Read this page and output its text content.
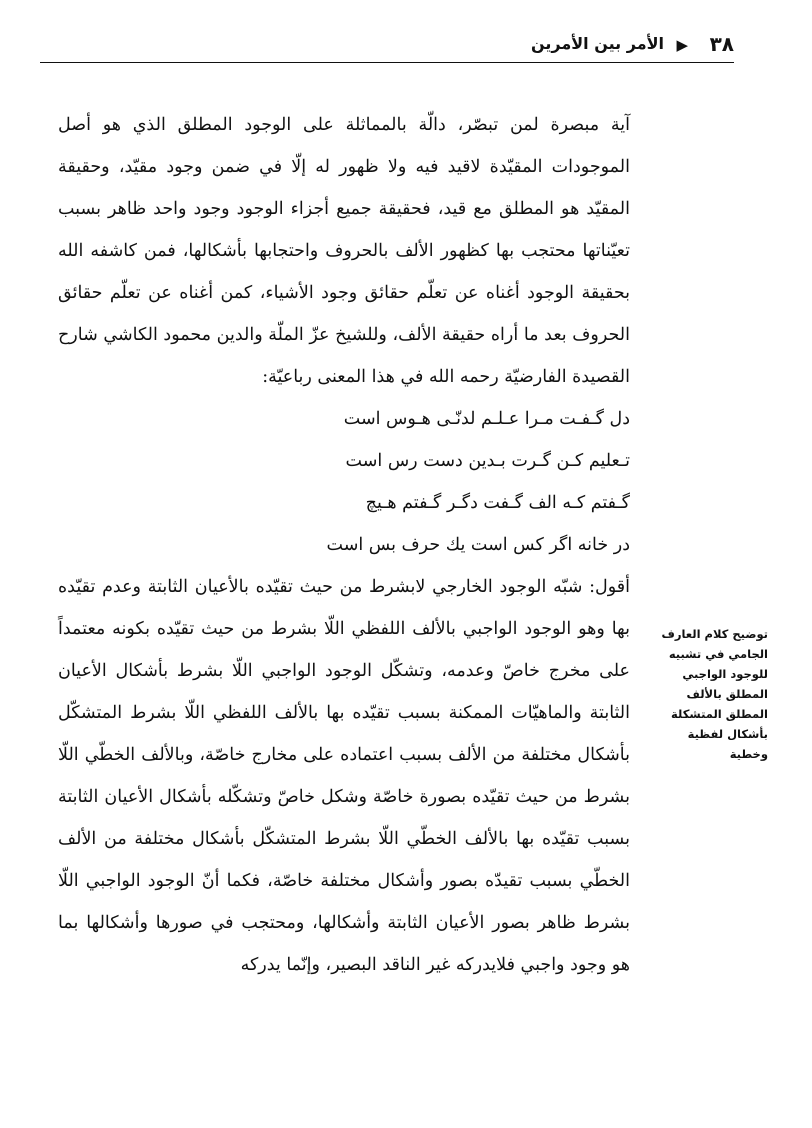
٣٨
▶
الأمر بين الأمرين

آية مبصرة لمن تبصّر، دالّة بالمماثلة على الوجود المطلق الذي هو أصل الموجودات المقيّدة لاقيد فيه ولا ظهور له إلّا في ضمن وجود مقيّد، وحقيقة المقيّد هو المطلق مع قيد، فحقيقة جميع أجزاء الوجود وجود واحد ظاهر بسبب تعيّناتها محتجب بها كظهور الألف بالحروف واحتجابها بأشكالها، فمن كاشفه الله بحقيقة الوجود أغناه عن تعلّم حقائق وجود الأشياء، كمن أغناه عن تعلّم حقائق الحروف بعد ما أراه حقيقة الألف، وللشيخ عزّ الملّة والدين محمود الكاشي شارح القصيدة الفارضيّة رحمه الله في هذا المعنى رباعيّة:

دل گـفـت مـرا عـلـم لدنّـى هـوس است

تـعليم كـن گـرت بـدين دست رس است

گـفتم كـه الف گـفت دگـر گـفتم هـيچ

در خانه اگر كس است يك حرف بس است

أقول: شبّه الوجود الخارجي لابشرط من حيث تقيّده بالأعيان الثابتة وعدم تقيّده بها وهو الوجود الواجبي بالألف اللفظي اللّا بشرط من حيث تقيّده بكونه معتمداً على مخرج خاصّ وعدمه، وتشكّل الوجود الواجبي اللّا بشرط بأشكال الأعيان الثابتة والماهيّات الممكنة بسبب تقيّده بها بالألف اللفظي اللّا بشرط المتشكّل بأشكال مختلفة من الألف بسبب اعتماده على مخارج خاصّة، وبالألف الخطّي اللّا بشرط من حيث تقيّده بصورة خاصّة وشكل خاصّ وتشكّله بأشكال الأعيان الثابتة بسبب تقيّده بها بالألف الخطّي اللّا بشرط المتشكّل بأشكال مختلفة من الألف الخطّي بسبب تقيدّه بصور وأشكال مختلفة خاصّة، فكما أنّ الوجود الواجبي اللّا بشرط ظاهر بصور الأعيان الثابتة وأشكالها، ومحتجب في صورها وأشكالها بما هو وجود واجبي فلايدركه غير الناقد البصير، وإنّما يدركه

توضيح كلام العارف الجامي في تشبيه للوجود الواجبي المطلق بالألف المطلق المتشكلة بأشكال لفظية وخطية
